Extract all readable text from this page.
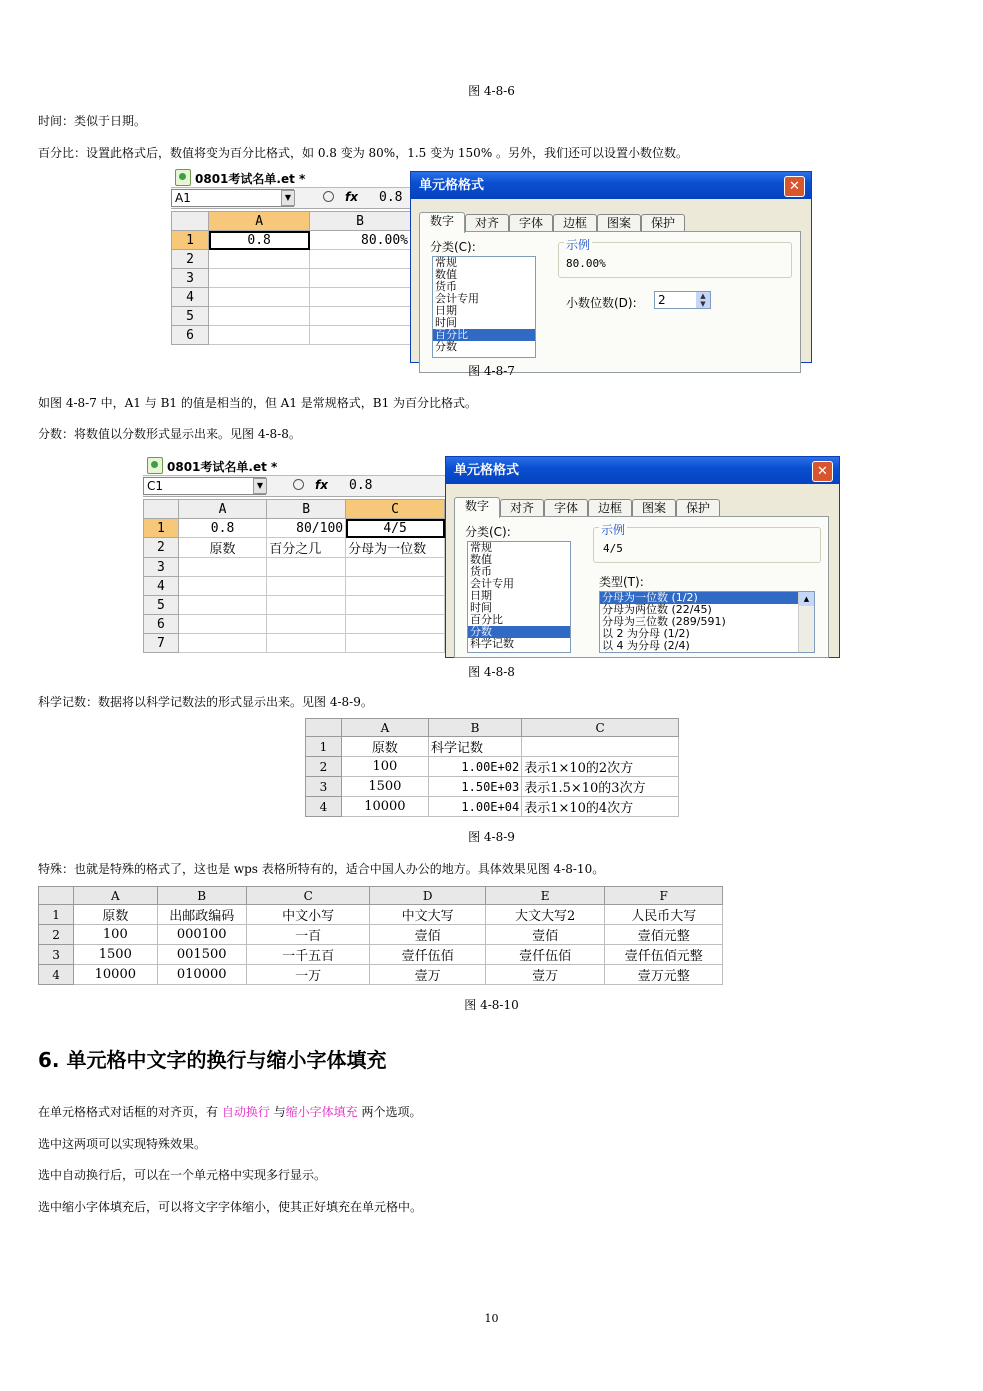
图 4-8-6
时间：类似于日期。
百分比：设置此格式后，数值将变为百分比格式，如 0.8 变为 80%，1.5 变为 150% 。另外，我们还可以设置小数位数。
0801考试名单.et *
A1	▼	fx 0.8
	A	B
1	0.8	80.00%
2		
3		
4		
5		
6		
单元格格式	✕
数字	对齐	字体	边框	图案	保护
分类(C):
常规
数值
货币
会计专用
日期
时间
百分比
分数
示例
80.00%
小数位数(D):	2	▲
▼
图 4-8-7
如图 4-8-7 中，A1 与 B1 的值是相当的，但 A1 是常规格式，B1 为百分比格式。
分数：将数值以分数形式显示出来。见图 4-8-8。
0801考试名单.et *
C1	▼	fx 0.8
	A	B	C
1	0.8	80/100	4/5
2	原数	百分之几	分母为一位数
3			
4			
5			
6			
7			
单元格格式	✕
数字	对齐	字体	边框	图案	保护
分类(C):
常规
数值
货币
会计专用
日期
时间
百分比
分数
科学记数
示例
4/5
类型(T):
分母为一位数 (1/2)
分母为两位数 (22/45)
分母为三位数 (289/591)
以 2 为分母 (1/2)
以 4 为分母 (2/4)
▲
图 4-8-8
科学记数：数据将以科学记数法的形式显示出来。见图 4-8-9。
	A	B	C
1	原数	科学记数	
2	100	1.00E+02	表示1×10的2次方
3	1500	1.50E+03	表示1.5×10的3次方
4	10000	1.00E+04	表示1×10的4次方
图 4-8-9
特殊：也就是特殊的格式了，这也是 wps 表格所特有的，适合中国人办公的地方。具体效果见图 4-8-10。
	A	B	C	D	E	F
1	原数	出邮政编码	中文小写	中文大写	大文大写2	人民币大写
2	100	000100	一百	壹佰	壹佰	壹佰元整
3	1500	001500	一千五百	壹仟伍佰	壹仟伍佰	壹仟伍佰元整
4	10000	010000	一万	壹万	壹万	壹万元整
图 4-8-10
6. 单元格中文字的换行与缩小字体填充
在单元格格式对话框的对齐页，有 自动换行 与缩小字体填充 两个选项。
选中这两项可以实现特殊效果。
选中自动换行后，可以在一个单元格中实现多行显示。
选中缩小字体填充后，可以将文字字体缩小，使其正好填充在单元格中。
10
